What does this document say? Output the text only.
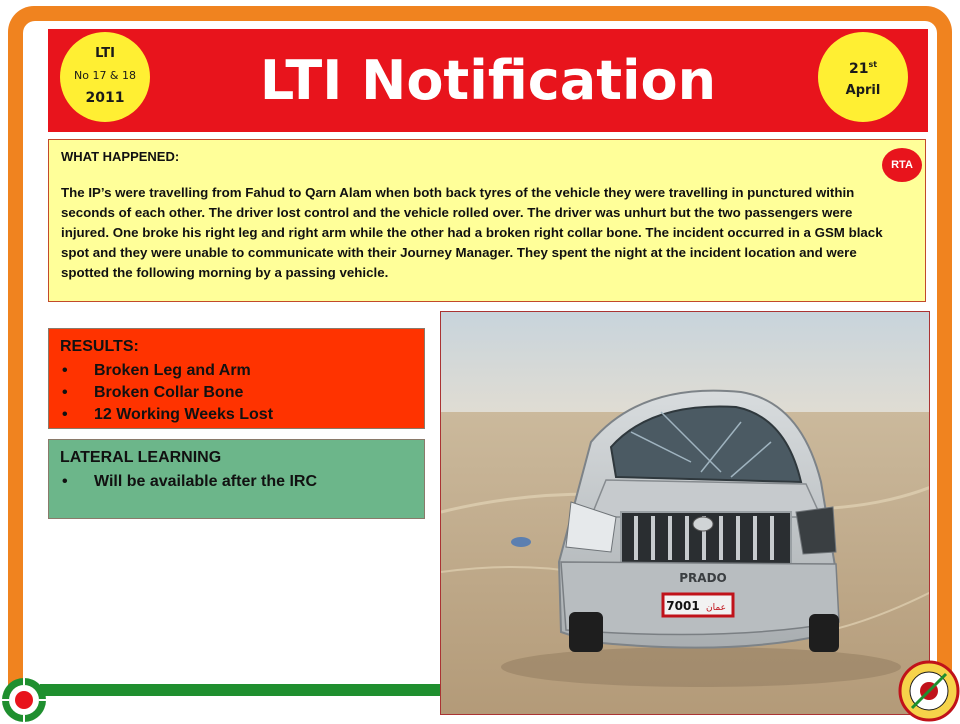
LTI Notification
LTI
No 17 & 18
2011
21st
April
WHAT HAPPENED:
The IP’s were travelling from Fahud to Qarn Alam when both back tyres of the vehicle they were travelling in punctured within seconds of each other. The driver lost control and the vehicle rolled over. The driver was unhurt but the two passengers were injured. One broke his right leg and right arm while the other had a broken right collar bone. The incident occurred in a GSM black spot and they were unable to communicate with their Journey Manager. They spent the night at the incident location and were spotted the following morning by a passing vehicle.
RTA
RESULTS:
• Broken Leg and Arm
• Broken Collar Bone
• 12 Working Weeks Lost
LATERAL LEARNING
• Will be available after the IRC
PRADO
7001 عمان
